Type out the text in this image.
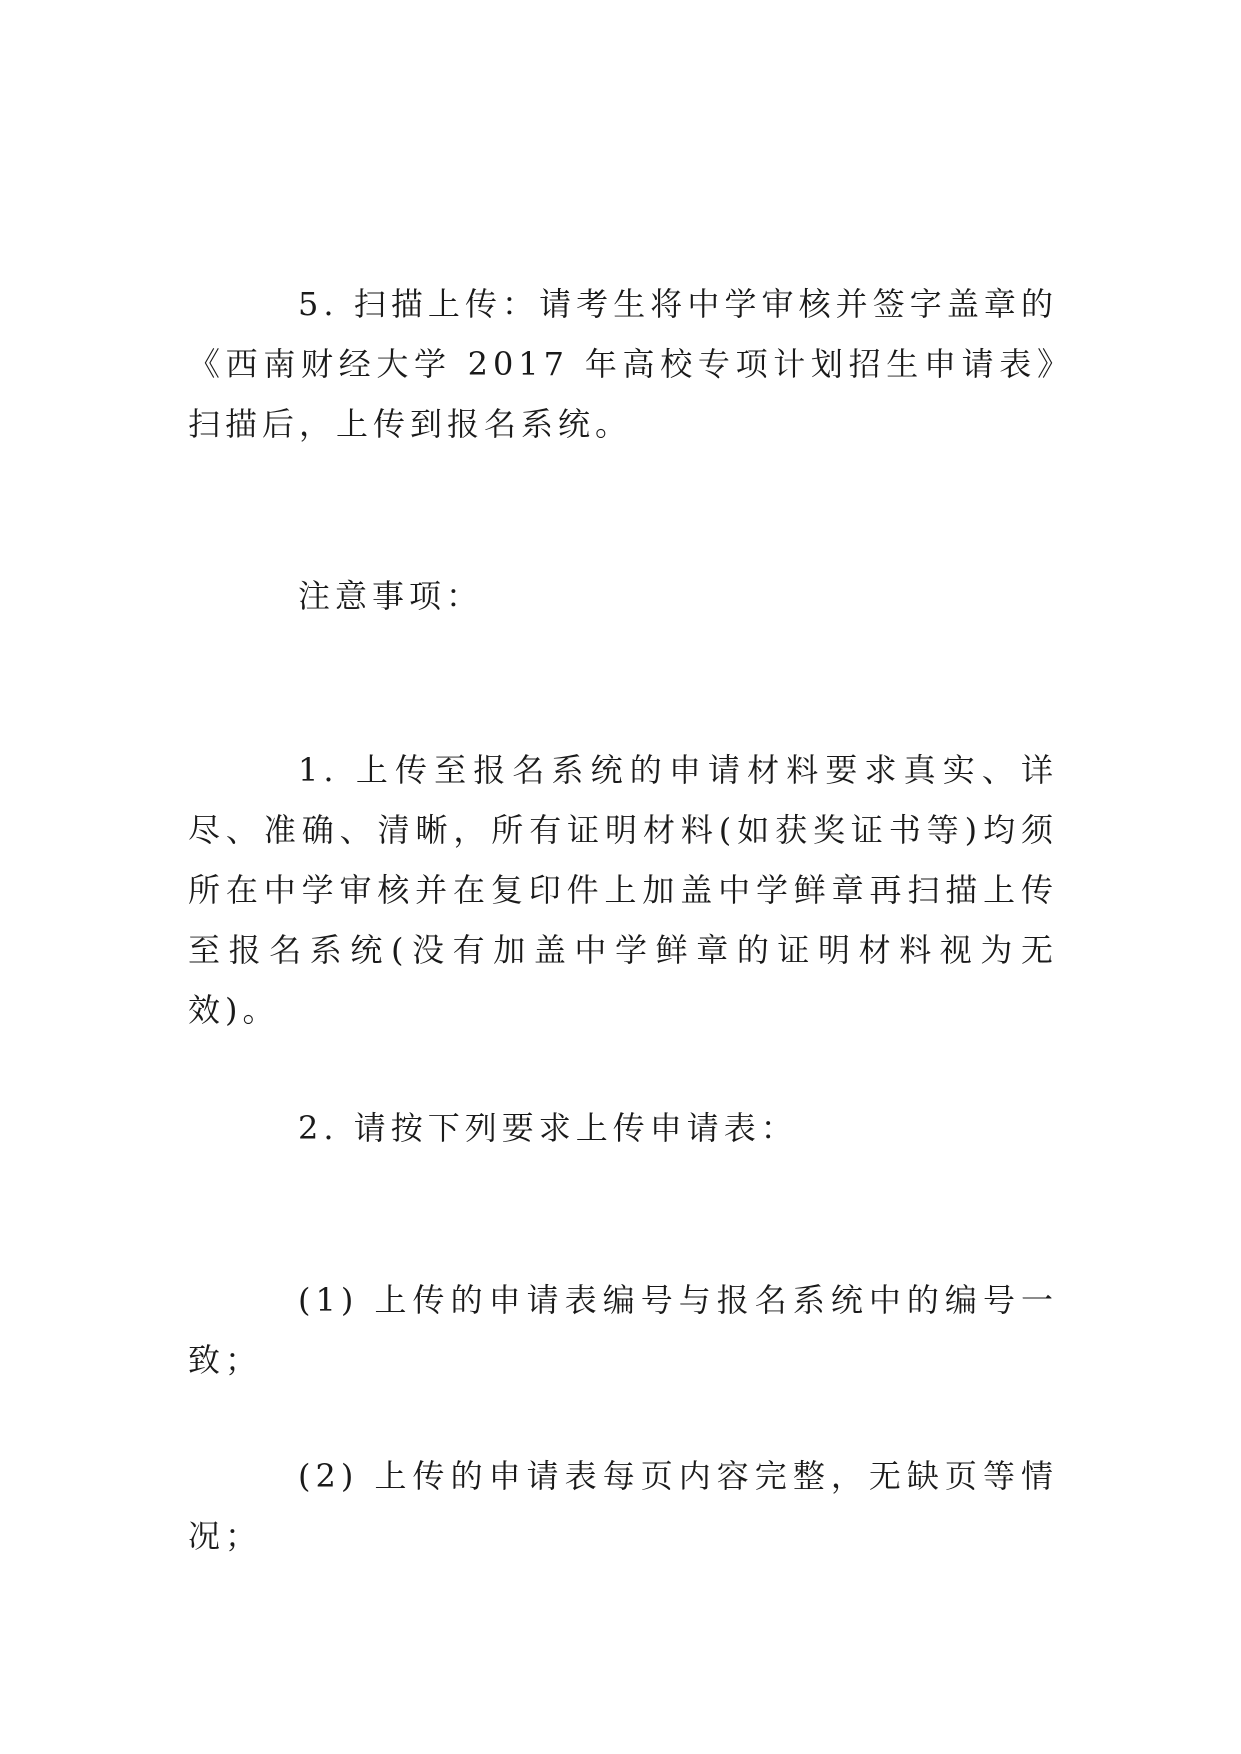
5. 扫描上传：请考生将中学审核并签字盖章的《西南财经大学 2017 年高校专项计划招生申请表》扫描后，上传到报名系统。

注意事项：

1. 上传至报名系统的申请材料要求真实、详尽、准确、清晰，所有证明材料(如获奖证书等)均须所在中学审核并在复印件上加盖中学鲜章再扫描上传至报名系统(没有加盖中学鲜章的证明材料视为无效)。

2. 请按下列要求上传申请表：

(1) 上传的申请表编号与报名系统中的编号一致；

(2) 上传的申请表每页内容完整，无缺页等情况；
